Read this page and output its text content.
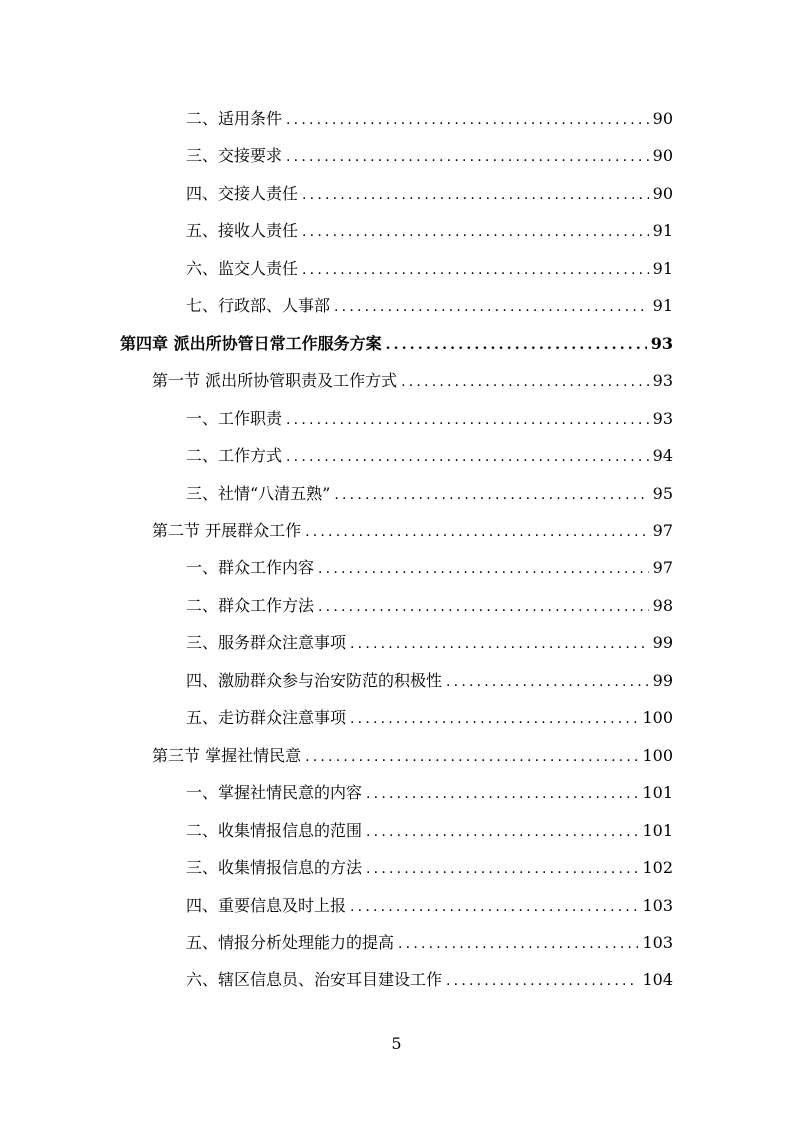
二、适用条件 .....	90
三、交接要求 .....	90
四、交接人责任 .....	90
五、接收人责任 .....	91
六、监交人责任 .....	91
七、行政部、人事部 .....	91
第四章 派出所协管日常工作服务方案 .....	93
第一节 派出所协管职责及工作方式 .....	93
一、工作职责 .....	93
二、工作方式 .....	94
三、社情“八清五熟” .....	95
第二节 开展群众工作 .....	97
一、群众工作内容 .....	97
二、群众工作方法 .....	98
三、服务群众注意事项 .....	99
四、激励群众参与治安防范的积极性 .....	99
五、走访群众注意事项 .....	100
第三节 掌握社情民意 .....	100
一、掌握社情民意的内容 .....	101
二、收集情报信息的范围 .....	101
三、收集情报信息的方法 .....	102
四、重要信息及时上报 .....	103
五、情报分析处理能力的提高 .....	103
六、辖区信息员、治安耳目建设工作 .....	104
5
